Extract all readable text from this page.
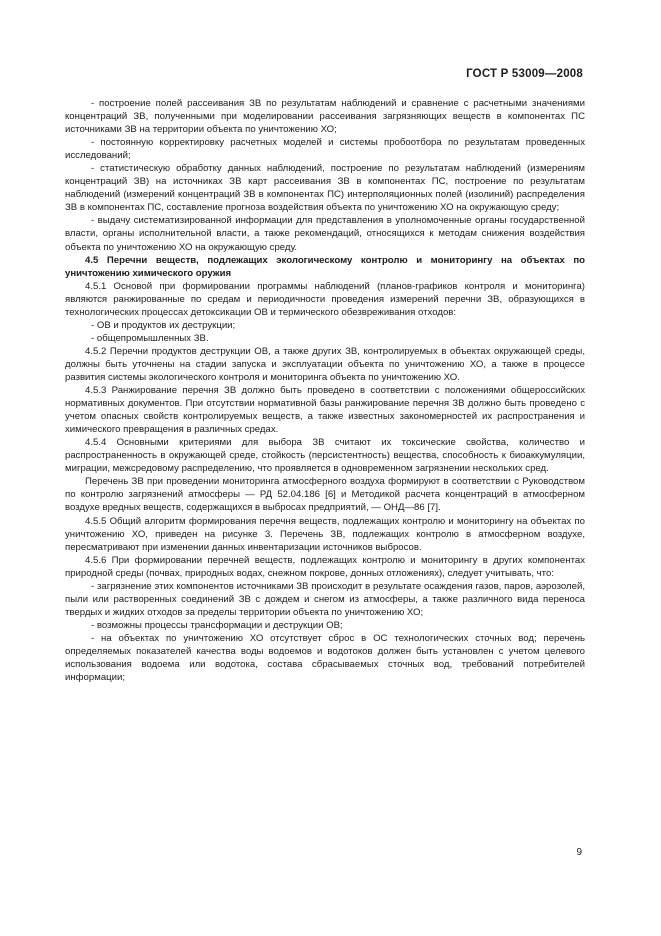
ГОСТ Р 53009—2008

- построение полей рассеивания ЗВ по результатам наблюдений и сравнение с расчетными значениями концентраций ЗВ, полученными при моделировании рассеивания загрязняющих веществ в компонентах ПС источниками ЗВ на территории объекта по уничтожению ХО;

- постоянную корректировку расчетных моделей и системы пробоотбора по результатам проведенных исследований;

- статистическую обработку данных наблюдений, построение по результатам наблюдений (измерениям концентраций ЗВ) на источниках ЗВ карт рассеивания ЗВ в компонентах ПС, построение по результатам наблюдений (измерений концентраций ЗВ в компонентах ПС) интерполяционных полей (изолиний) распределения ЗВ в компонентах ПС, составление прогноза воздействия объекта по уничтожению ХО на окружающую среду;

- выдачу систематизированной информации для представления в уполномоченные органы государственной власти, органы исполнительной власти, а также рекомендаций, относящихся к методам снижения воздействия объекта по уничтожению ХО на окружающую среду.

4.5 Перечни веществ, подлежащих экологическому контролю и мониторингу на объектах по уничтожению химического оружия

4.5.1 Основой при формировании программы наблюдений (планов-графиков контроля и мониторинга) являются ранжированные по средам и периодичности проведения измерений перечни ЗВ, образующихся в технологических процессах детоксикации ОВ и термического обезвреживания отходов:

- ОВ и продуктов их деструкции;

- общепромышленных ЗВ.

4.5.2 Перечни продуктов деструкции ОВ, а также других ЗВ, контролируемых в объектах окружающей среды, должны быть уточнены на стадии запуска и эксплуатации объекта по уничтожению ХО, а также в процессе развития системы экологического контроля и мониторинга объекта по уничтожению ХО.

4.5.3 Ранжирование перечня ЗВ должно быть проведено в соответствии с положениями общероссийских нормативных документов. При отсутствии нормативной базы ранжирование перечня ЗВ должно быть проведено с учетом опасных свойств контролируемых веществ, а также известных закономерностей их распространения и химического превращения в различных средах.

4.5.4 Основными критериями для выбора ЗВ считают их токсические свойства, количество и распространенность в окружающей среде, стойкость (персистентность) вещества, способность к биоаккумуляции, миграции, межсредовому распределению, что проявляется в одновременном загрязнении нескольких сред.

Перечень ЗВ при проведении мониторинга атмосферного воздуха формируют в соответствии с Руководством по контролю загрязнений атмосферы — РД 52.04.186 [6] и Методикой расчета концентраций в атмосферном воздухе вредных веществ, содержащихся в выбросах предприятий, — ОНД—86 [7].

4.5.5 Общий алгоритм формирования перечня веществ, подлежащих контролю и мониторингу на объектах по уничтожению ХО, приведен на рисунке 3. Перечень ЗВ, подлежащих контролю в атмосферном воздухе, пересматривают при изменении данных инвентаризации источников выбросов.

4.5.6 При формировании перечней веществ, подлежащих контролю и мониторингу в других компонентах природной среды (почвах, природных водах, снежном покрове, донных отложениях), следует учитывать, что:

- загрязнение этих компонентов источниками ЗВ происходит в результате осаждения газов, паров, аэрозолей, пыли или растворенных соединений ЗВ с дождем и снегом из атмосферы, а также различного вида переноса твердых и жидких отходов за пределы территории объекта по уничтожению ХО;

- возможны процессы трансформации и деструкции ОВ;

- на объектах по уничтожению ХО отсутствует сброс в ОС технологических сточных вод; перечень определяемых показателей качества воды водоемов и водотоков должен быть установлен с учетом целевого использования водоема или водотока, состава сбрасываемых сточных вод, требований потребителей информации;

9
